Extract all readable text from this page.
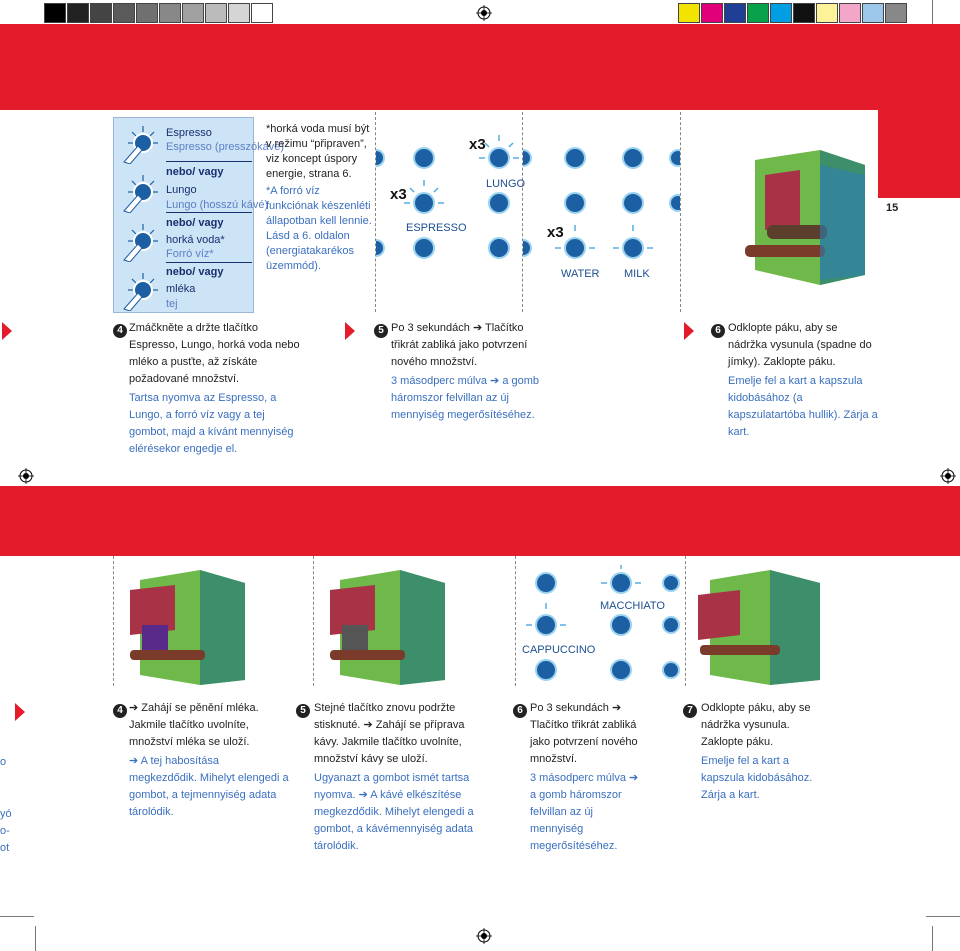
15
Espresso
Espresso (presszókávé)
nebo/ vagy
Lungo
Lungo (hosszú kávé)
nebo/ vagy
horká voda*
Forró víz*
nebo/ vagy
mléka
tej
*horká voda musí být v režimu “připraven”, viz koncept úspory energie, strana 6.
*A forró víz funkciónak készenléti állapotban kell lennie. Lásd a 6. oldalon (energiatakarékos üzemmód).
x3
x3
ESPRESSO
LUNGO
x3
WATER MILK
4 Zmáčkněte a držte tlačítko Espresso, Lungo, horká voda nebo mléko a pusťte, až získáte požadované množství.
Tartsa nyomva az Espresso, a Lungo, a forró víz vagy a tej gombot, majd a kívánt mennyiség elérésekor engedje el.
5 Po 3 sekundách ➔ Tlačítko třikrát zabliká jako potvrzení nového množství.
3 másodperc múlva ➔ a gomb háromszor felvillan az új mennyiség megerősítéséhez.
6 Odklopte páku, aby se nádržka vysunula (spadne do jímky). Zaklopte páku.
Emelje fel a kart a kapszula kidobásához (a kapszulatartóba hullik). Zárja a kart.
MACCHIATO
CAPPUCCINO
o
yó
o-
ot
4 ➔ Zahájí se pěnění mléka. Jakmile tlačítko uvolníte, množství mléka se uloží.
➔ A tej habosítása megkezdődik. Mihelyt elengedi a gombot, a tejmennyiség adata tárolódik.
5 Stejné tlačítko znovu podržte stisknuté. ➔ Zahájí se příprava kávy. Jakmile tlačítko uvolníte, množství kávy se uloží.
Ugyanazt a gombot ismét tartsa nyomva. ➔ A kávé elkészítése megkezdődik. Mihelyt elengedi a gombot, a kávémennyiség adata tárolódik.
6 Po 3 sekundách ➔ Tlačítko třikrát zabliká jako potvrzení nového množství.
3 másodperc múlva ➔ a gomb háromszor felvillan az új mennyiség megerősítéséhez.
7 Odklopte páku, aby se nádržka vysunula. Zaklopte páku.
Emelje fel a kart a kapszula kidobásához. Zárja a kart.
